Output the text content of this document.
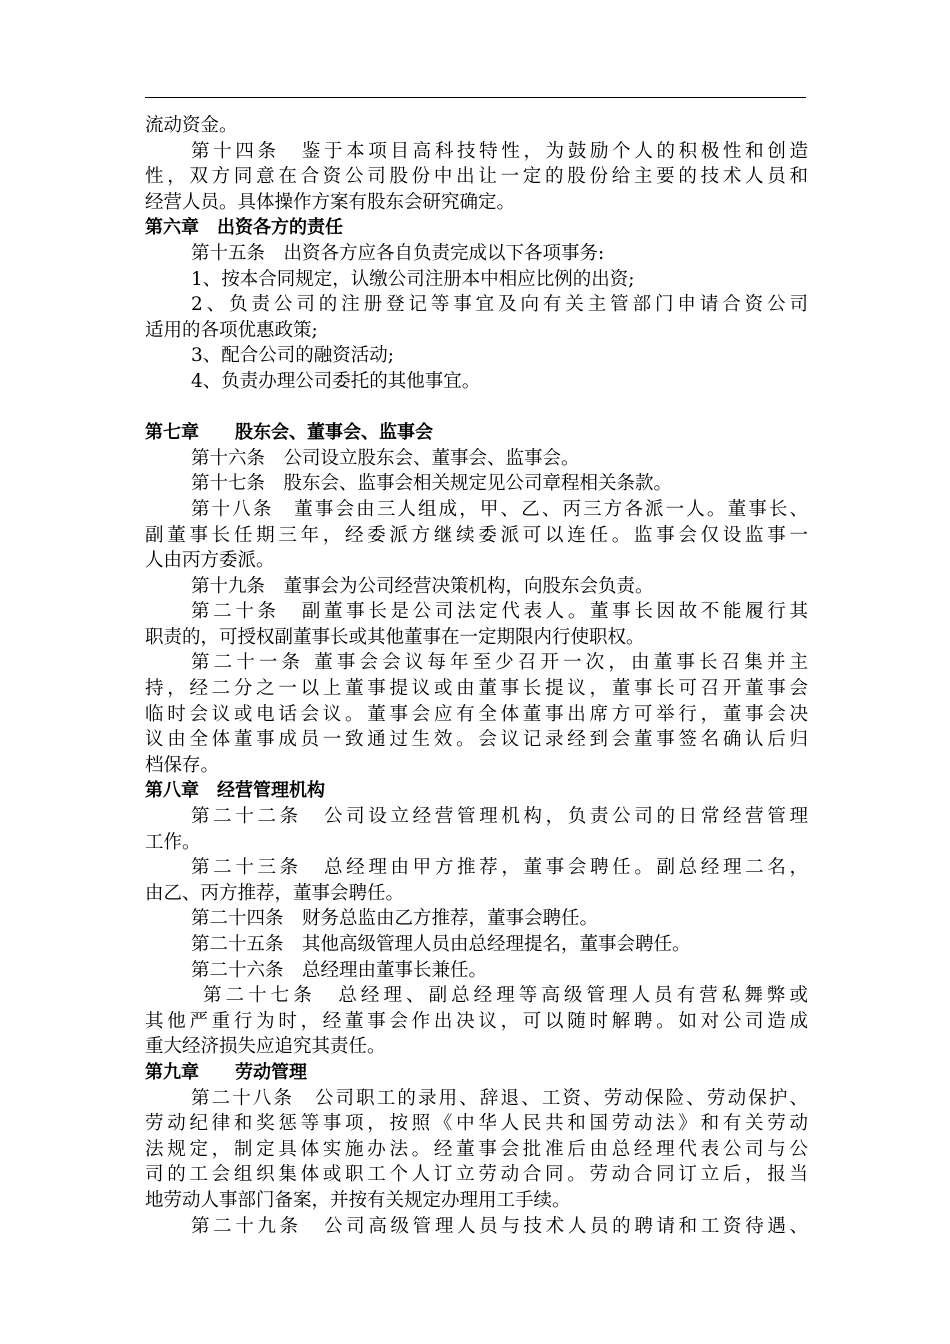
流动资金。
第十四条　鉴于本项目高科技特性，为鼓励个人的积极性和创造
性，双方同意在合资公司股份中出让一定的股份给主要的技术人员和
经营人员。具体操作方案有股东会研究确定。
第六章　出资各方的责任
第十五条　出资各方应各自负责完成以下各项事务:
1、按本合同规定，认缴公司注册本中相应比例的出资;
2、负责公司的注册登记等事宜及向有关主管部门申请合资公司
适用的各项优惠政策;
3、配合公司的融资活动;
4、负责办理公司委托的其他事宜。
第七章　　股东会、董事会、监事会
第十六条　公司设立股东会、董事会、监事会。
第十七条　股东会、监事会相关规定见公司章程相关条款。
第十八条　董事会由三人组成，甲、乙、丙三方各派一人。董事长、
副董事长任期三年，经委派方继续委派可以连任。监事会仅设监事一
人由丙方委派。
第十九条　董事会为公司经营决策机构，向股东会负责。
第二十条　副董事长是公司法定代表人。董事长因故不能履行其
职责的，可授权副董事长或其他董事在一定期限内行使职权。
第二十一条 董事会会议每年至少召开一次，由董事长召集并主
持，经二分之一以上董事提议或由董事长提议，董事长可召开董事会
临时会议或电话会议。董事会应有全体董事出席方可举行，董事会决
议由全体董事成员一致通过生效。会议记录经到会董事签名确认后归
档保存。
第八章　经营管理机构
第二十二条　公司设立经营管理机构，负责公司的日常经营管理
工作。
第二十三条　总经理由甲方推荐，董事会聘任。副总经理二名，
由乙、丙方推荐，董事会聘任。
第二十四条　财务总监由乙方推荐，董事会聘任。
第二十五条　其他高级管理人员由总经理提名，董事会聘任。
第二十六条　总经理由董事长兼任。
第二十七条　总经理、副总经理等高级管理人员有营私舞弊或
其他严重行为时，经董事会作出决议，可以随时解聘。如对公司造成
重大经济损失应追究其责任。
第九章　　劳动管理
第二十八条　公司职工的录用、辞退、工资、劳动保险、劳动保护、
劳动纪律和奖惩等事项，按照《中华人民共和国劳动法》和有关劳动
法规定，制定具体实施办法。经董事会批准后由总经理代表公司与公
司的工会组织集体或职工个人订立劳动合同。劳动合同订立后，报当
地劳动人事部门备案，并按有关规定办理用工手续。
第二十九条　公司高级管理人员与技术人员的聘请和工资待遇、
